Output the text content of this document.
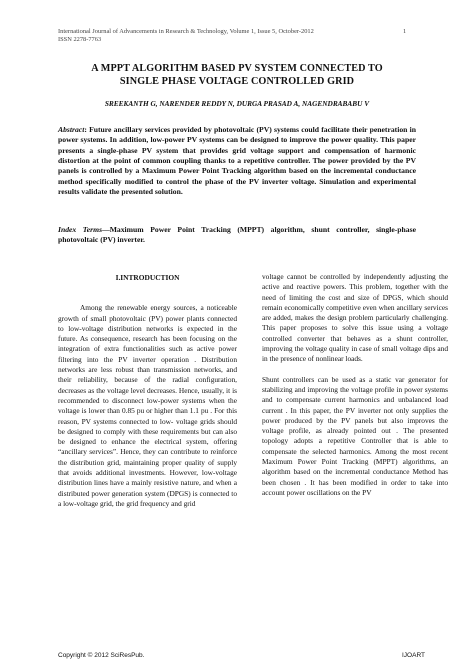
International Journal of Advancements in Research & Technology, Volume 1, Issue 5, October-2012
ISSN 2278-7763
1
A MPPT ALGORITHM BASED PV SYSTEM CONNECTED TO
SINGLE PHASE VOLTAGE CONTROLLED GRID
SREEKANTH G, NARENDER REDDY N, DURGA PRASAD A, NAGENDRABABU V
Abstract: Future ancillary services provided by photovoltaic (PV) systems could facilitate their penetration in power systems. In addition, low-power PV systems can be designed to improve the power quality. This paper presents a single-phase PV system that provides grid voltage support and compensation of harmonic distortion at the point of common coupling thanks to a repetitive controller. The power provided by the PV panels is controlled by a Maximum Power Point Tracking algorithm based on the incremental conductance method specifically modified to control the phase of the PV inverter voltage. Simulation and experimental results validate the presented solution.
Index Terms—Maximum Power Point Tracking (MPPT) algorithm, shunt controller, single-phase photovoltaic (PV) inverter.
I.INTRODUCTION

Among the renewable energy sources, a noticeable growth of small photovoltaic (PV) power plants connected to low-voltage distribution networks is expected in the future. As consequence, research has been focusing on the integration of extra functionalities such as active power filtering into the PV inverter operation . Distribution networks are less robust than transmission networks, and their reliability, because of the radial configuration, decreases as the voltage level decreases. Hence, usually, it is recommended to disconnect low-power systems when the voltage is lower than 0.85 pu or higher than 1.1 pu . For this reason, PV systems connected to low- voltage grids should be designed to comply with these requirements but can also be designed to enhance the electrical system, offering “ancillary services”. Hence, they can contribute to reinforce the distribution grid, maintaining proper quality of supply that avoids additional investments. However, low-voltage distribution lines have a mainly resistive nature, and when a distributed power generation system (DPGS) is connected to a low-voltage grid, the grid frequency and grid

voltage cannot be controlled by independently adjusting the active and reactive powers. This problem, together with the need of limiting the cost and size of DPGS, which should remain economically competitive even when ancillary services are added, makes the design problem particularly challenging. This paper proposes to solve this issue using a voltage controlled converter that behaves as a shunt controller, improving the voltage quality in case of small voltage dips and in the presence of nonlinear loads.

Shunt controllers can be used as a static var generator for stabilizing and improving the voltage profile in power systems and to compensate current harmonics and unbalanced load current . In this paper, the PV inverter not only supplies the power produced by the PV panels but also improves the voltage profile, as already pointed out . The presented topology adopts a repetitive Controller that is able to compensate the selected harmonics. Among the most recent Maximum Power Point Tracking (MPPT) algorithms, an algorithm based on the incremental conductance Method has been chosen . It has been modified in order to take into account power oscillations on the PV

Copyright © 2012 SciResPub.	IJOART
